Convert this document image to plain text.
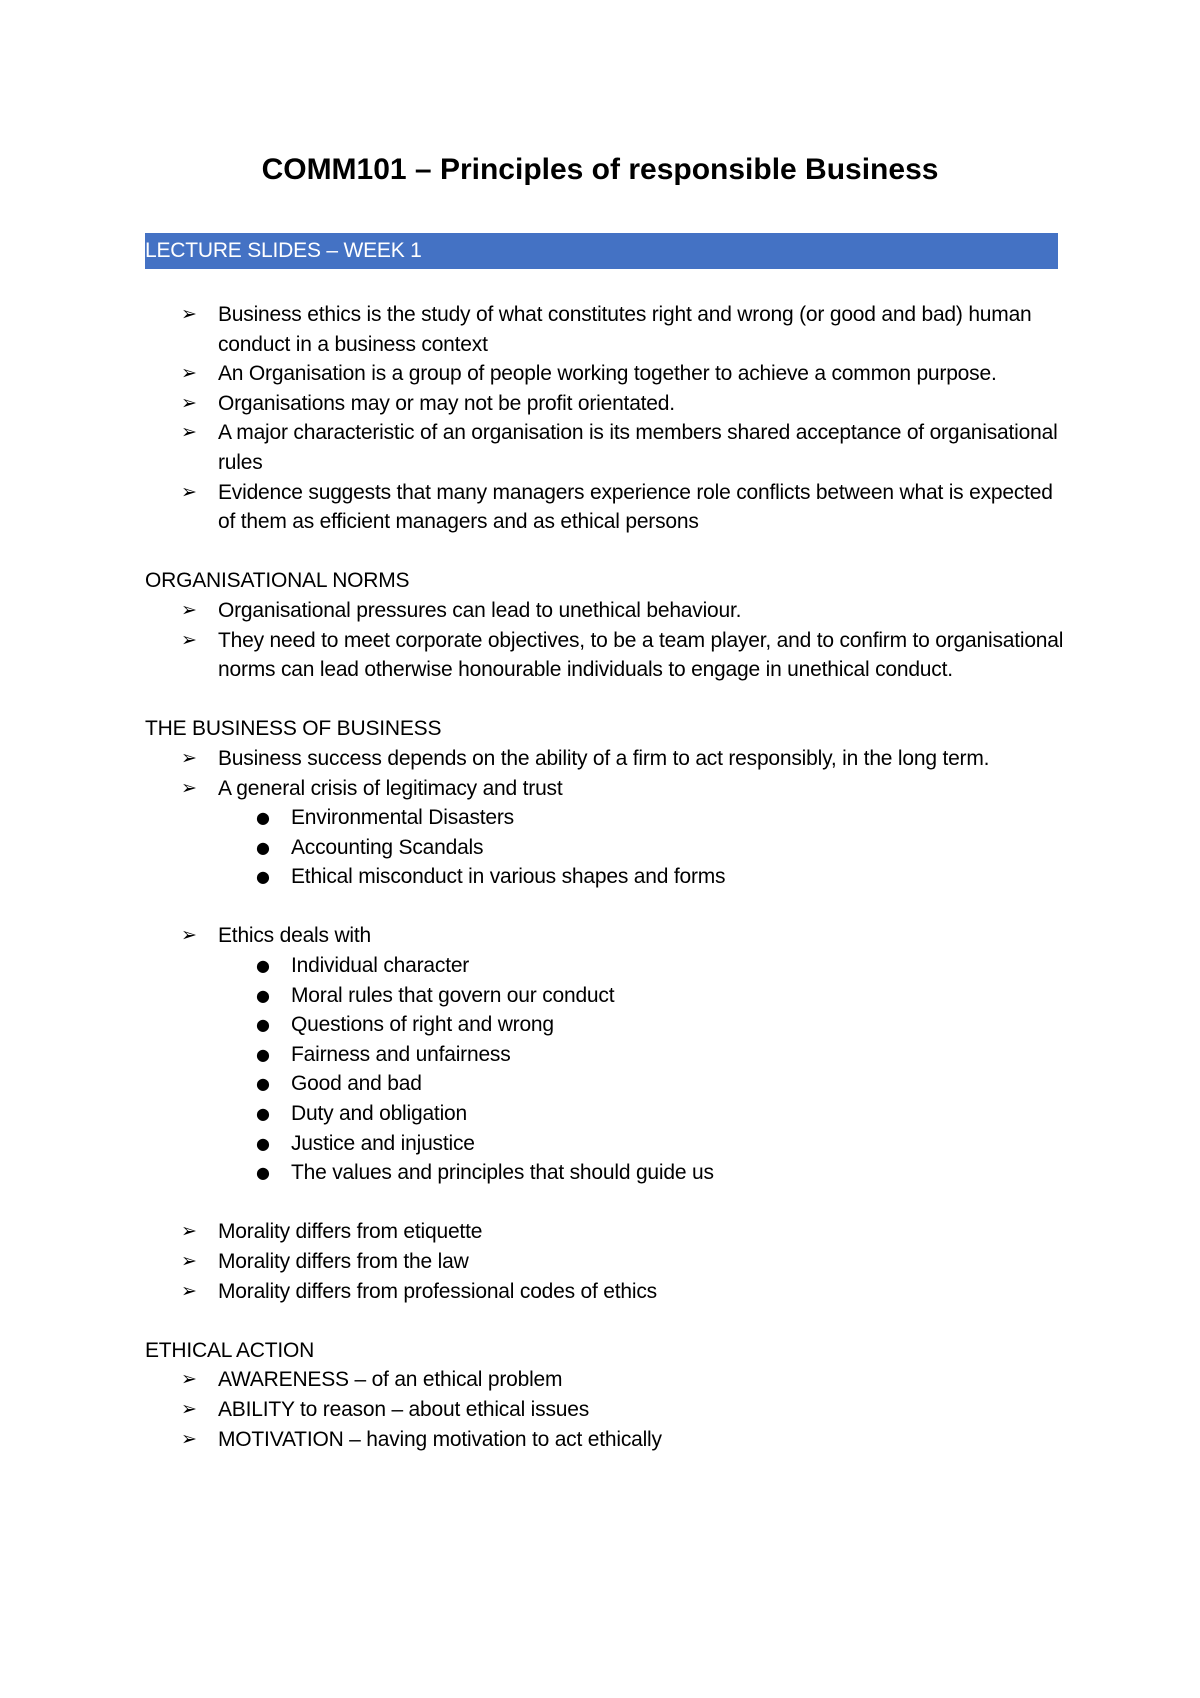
COMM101 – Principles of responsible Business
LECTURE SLIDES – WEEK 1
➢ Business ethics is the study of what constitutes right and wrong (or good and bad) human conduct in a business context
➢ An Organisation is a group of people working together to achieve a common purpose.
➢ Organisations may or may not be profit orientated.
➢ A major characteristic of an organisation is its members shared acceptance of organisational rules
➢ Evidence suggests that many managers experience role conflicts between what is expected of them as efficient managers and as ethical persons
ORGANISATIONAL NORMS
➢ Organisational pressures can lead to unethical behaviour.
➢ They need to meet corporate objectives, to be a team player, and to confirm to organisational norms can lead otherwise honourable individuals to engage in unethical conduct.
THE BUSINESS OF BUSINESS
➢ Business success depends on the ability of a firm to act responsibly, in the long term.
➢ A general crisis of legitimacy and trust
● Environmental Disasters
● Accounting Scandals
● Ethical misconduct in various shapes and forms
➢ Ethics deals with
● Individual character
● Moral rules that govern our conduct
● Questions of right and wrong
● Fairness and unfairness
● Good and bad
● Duty and obligation
● Justice and injustice
● The values and principles that should guide us
➢ Morality differs from etiquette
➢ Morality differs from the law
➢ Morality differs from professional codes of ethics
ETHICAL ACTION
➢ AWARENESS – of an ethical problem
➢ ABILITY to reason – about ethical issues
➢ MOTIVATION – having motivation to act ethically
